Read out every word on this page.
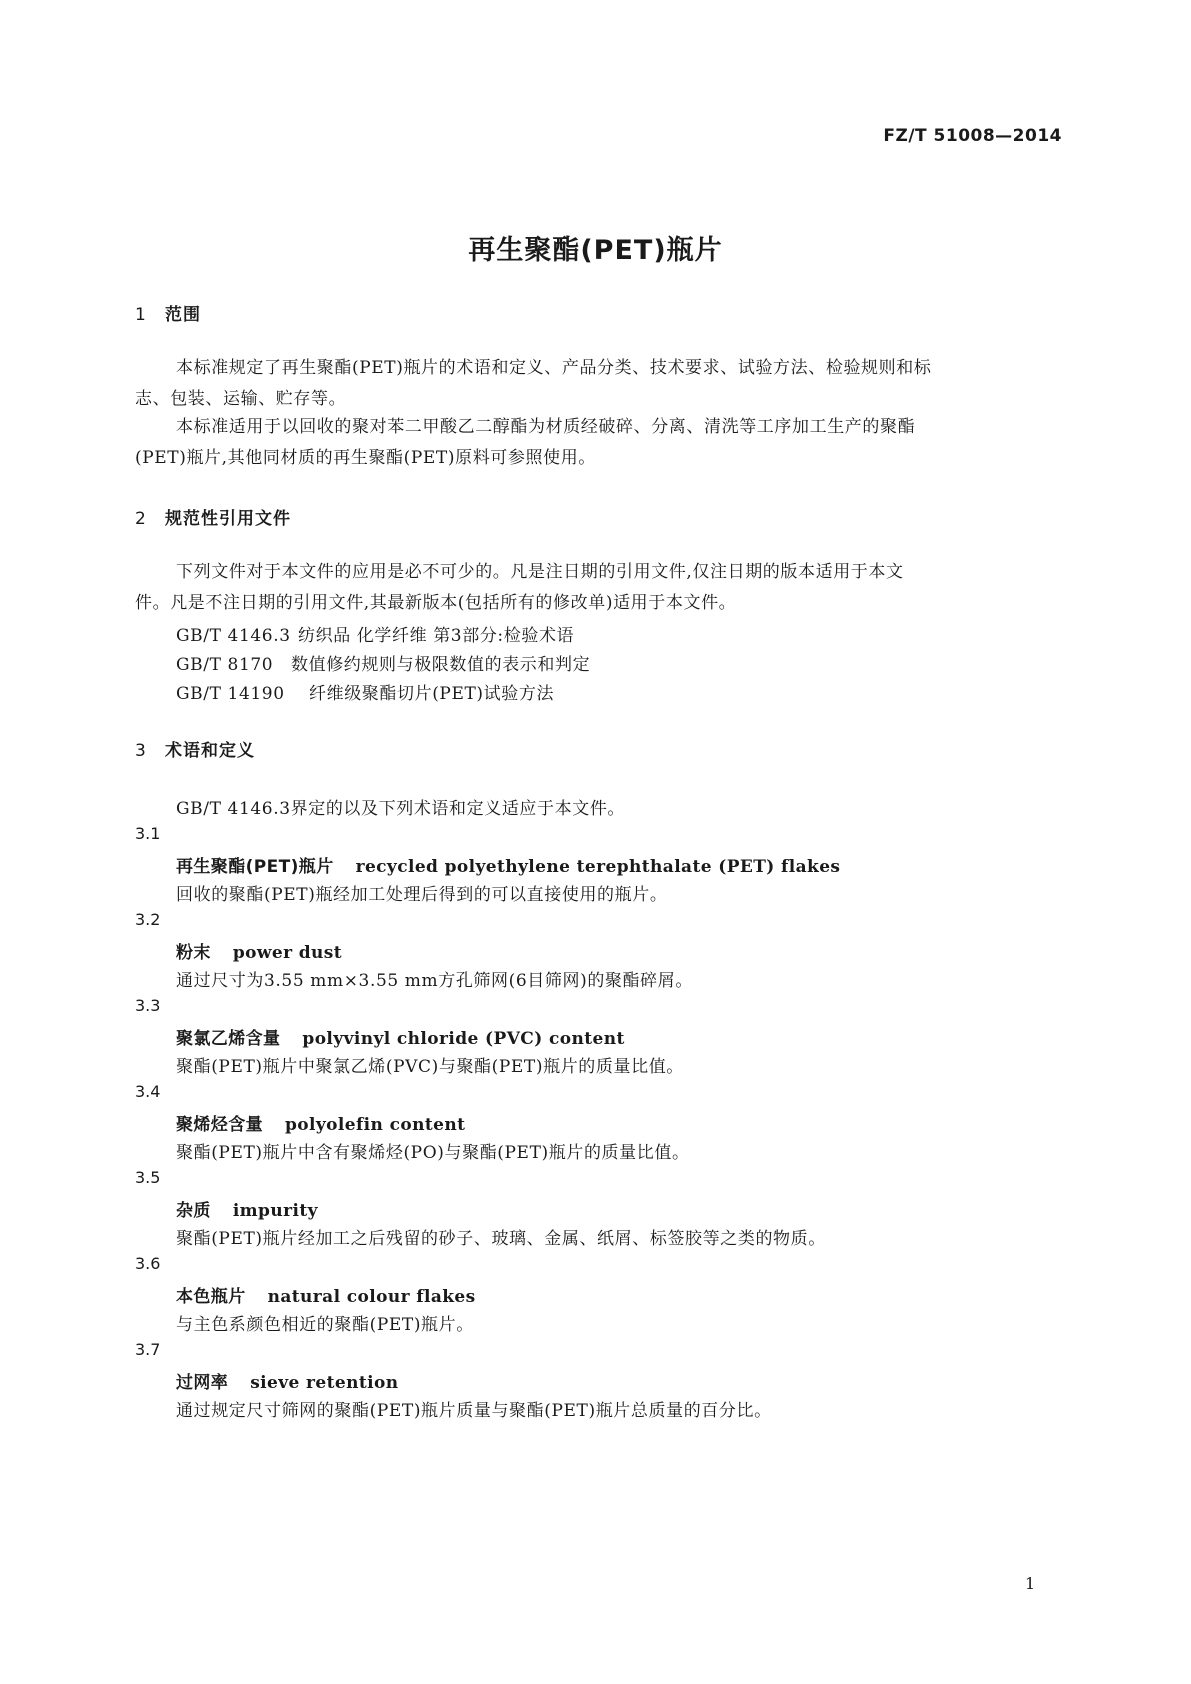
FZ/T 51008—2014
再生聚酯(PET)瓶片
1 范围
本标准规定了再生聚酯(PET)瓶片的术语和定义、产品分类、技术要求、试验方法、检验规则和标
志、包装、运输、贮存等。
本标准适用于以回收的聚对苯二甲酸乙二醇酯为材质经破碎、分离、清洗等工序加工生产的聚酯
(PET)瓶片,其他同材质的再生聚酯(PET)原料可参照使用。
2 规范性引用文件
下列文件对于本文件的应用是必不可少的。凡是注日期的引用文件,仅注日期的版本适用于本文
件。凡是不注日期的引用文件,其最新版本(包括所有的修改单)适用于本文件。
GB/T 4146.3 纺织品 化学纤维 第3部分:检验术语
GB/T 8170 数值修约规则与极限数值的表示和判定
GB/T 14190 纤维级聚酯切片(PET)试验方法
3 术语和定义
GB/T 4146.3界定的以及下列术语和定义适应于本文件。
3.1
再生聚酯(PET)瓶片 recycled polyethylene terephthalate (PET) flakes
回收的聚酯(PET)瓶经加工处理后得到的可以直接使用的瓶片。
3.2
粉末 power dust
通过尺寸为3.55 mm×3.55 mm方孔筛网(6目筛网)的聚酯碎屑。
3.3
聚氯乙烯含量 polyvinyl chloride (PVC) content
聚酯(PET)瓶片中聚氯乙烯(PVC)与聚酯(PET)瓶片的质量比值。
3.4
聚烯烃含量 polyolefin content
聚酯(PET)瓶片中含有聚烯烃(PO)与聚酯(PET)瓶片的质量比值。
3.5
杂质 impurity
聚酯(PET)瓶片经加工之后残留的砂子、玻璃、金属、纸屑、标签胶等之类的物质。
3.6
本色瓶片 natural colour flakes
与主色系颜色相近的聚酯(PET)瓶片。
3.7
过网率 sieve retention
通过规定尺寸筛网的聚酯(PET)瓶片质量与聚酯(PET)瓶片总质量的百分比。
1
